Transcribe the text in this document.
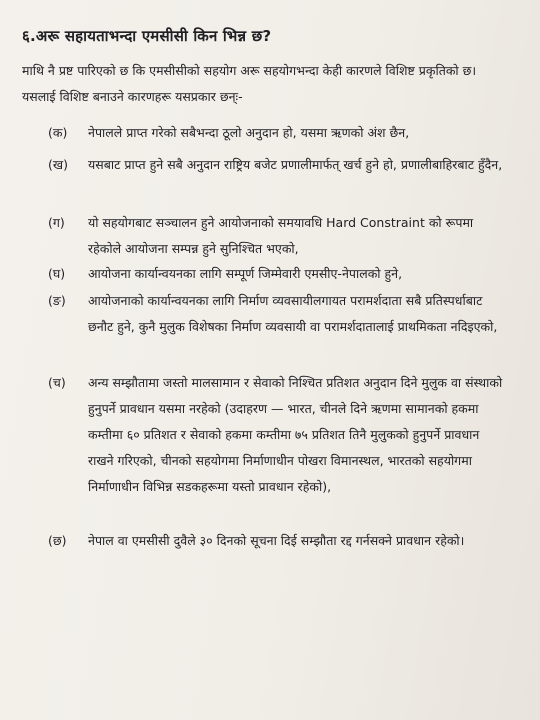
६.अरू सहायताभन्दा एमसीसी किन भिन्न छ?
माथि नै प्रष्ट पारिएको छ कि एमसीसीको सहयोग अरू सहयोगभन्दा केही कारणले विशिष्ट प्रकृतिको छ। यसलाई विशिष्ट बनाउने कारणहरू यसप्रकार छन्ः-
(क) नेपालले प्राप्त गरेको सबैभन्दा ठूलो अनुदान हो, यसमा ऋणको अंश छैन,
(ख) यसबाट प्राप्त हुने सबै अनुदान राष्ट्रिय बजेट प्रणालीमार्फत् खर्च हुने हो, प्रणालीबाहिरबाट हुँदैन,
(ग) यो सहयोगबाट सञ्चालन हुने आयोजनाको समयावधि Hard Constraint को रूपमा रहेकोले आयोजना सम्पन्न हुने सुनिश्चित भएको,
(घ) आयोजना कार्यान्वयनका लागि सम्पूर्ण जिम्मेवारी एमसीए-नेपालको हुने,
(ङ) आयोजनाको कार्यान्वयनका लागि निर्माण व्यवसायीलगायत परामर्शदाता सबै प्रतिस्पर्धाबाट छनौट हुने, कुनै मुलुक विशेषका निर्माण व्यवसायी वा परामर्शदातालाई प्राथमिकता नदिइएको,
(च) अन्य सम्झौतामा जस्तो मालसामान र सेवाको निश्चित प्रतिशत अनुदान दिने मुलुक वा संस्थाको हुनुपर्ने प्रावधान यसमा नरहेको (उदाहरण — भारत, चीनले दिने ऋणमा सामानको हकमा कम्तीमा ६० प्रतिशत र सेवाको हकमा कम्तीमा ७५ प्रतिशत तिनै मुलुकको हुनुपर्ने प्रावधान राखने गरिएको, चीनको सहयोगमा निर्माणाधीन पोखरा विमानस्थल, भारतको सहयोगमा निर्माणाधीन विभिन्न सडकहरूमा यस्तो प्रावधान रहेको),
(छ) नेपाल वा एमसीसी दुवैले ३० दिनको सूचना दिई सम्झौता रद्द गर्नसक्ने प्रावधान रहेको।
